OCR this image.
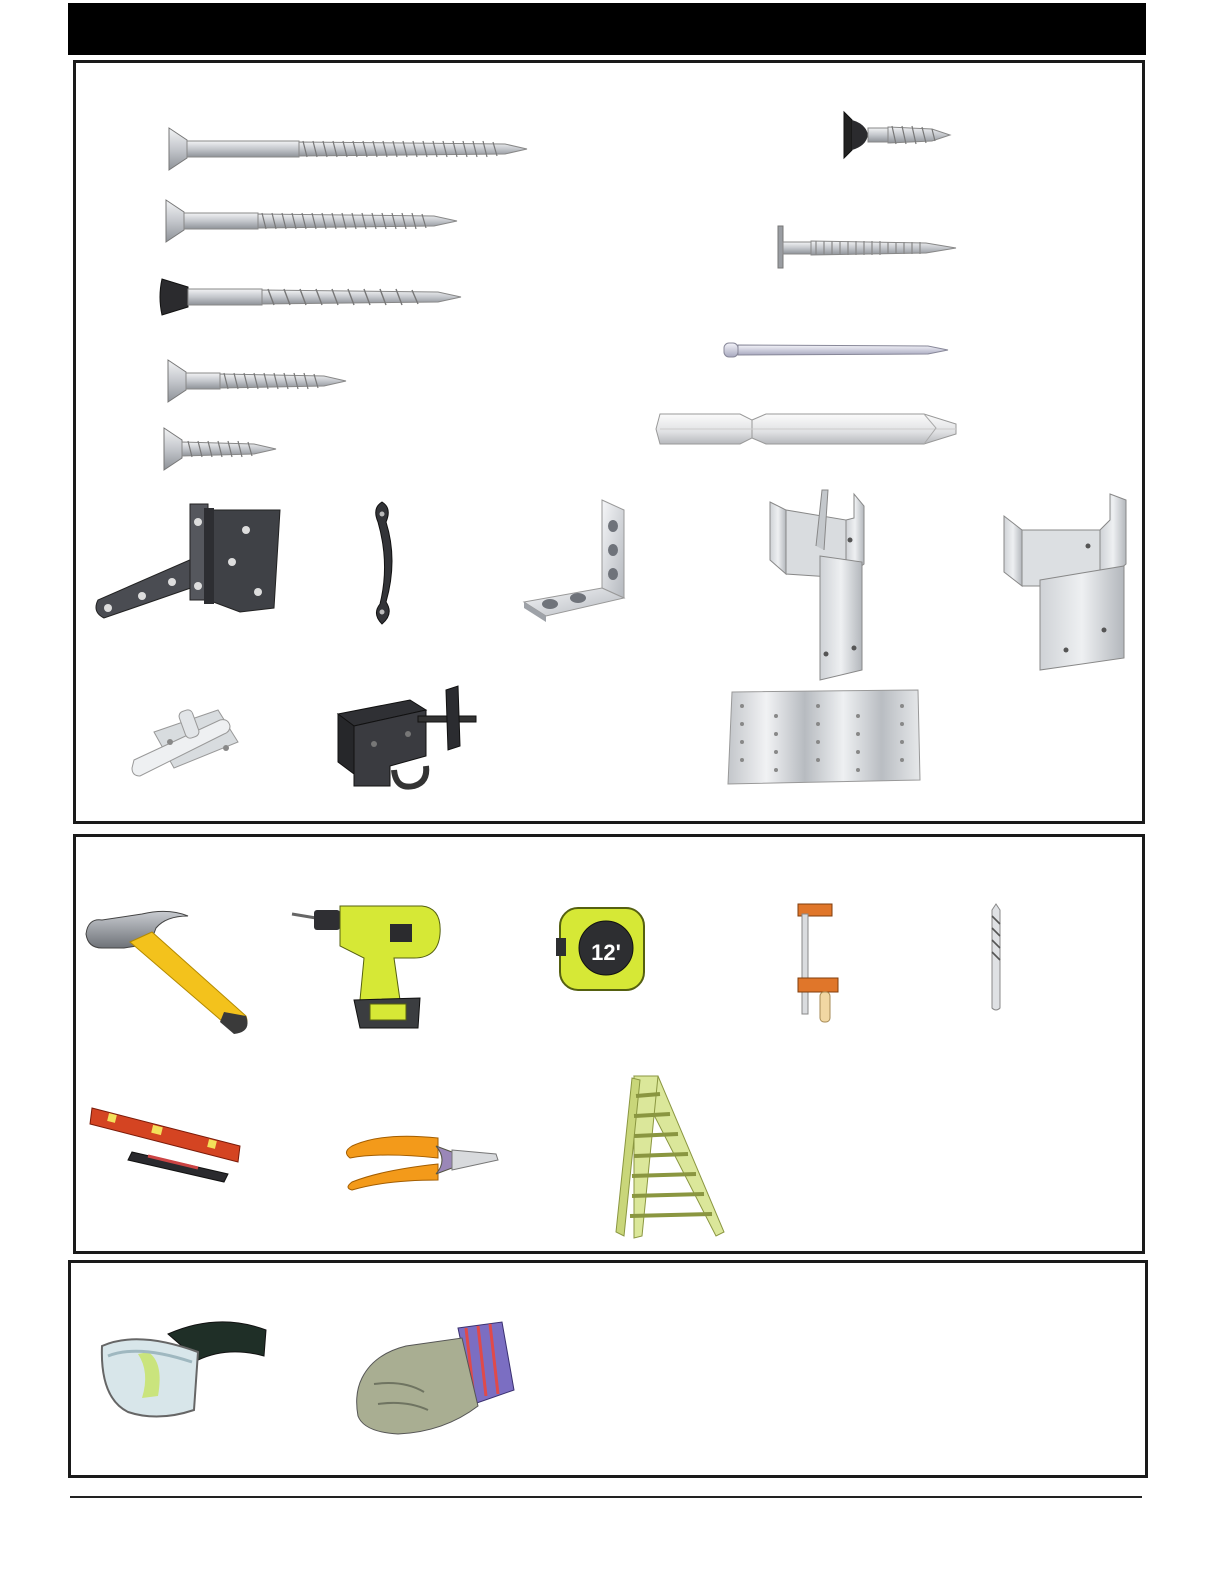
12'
